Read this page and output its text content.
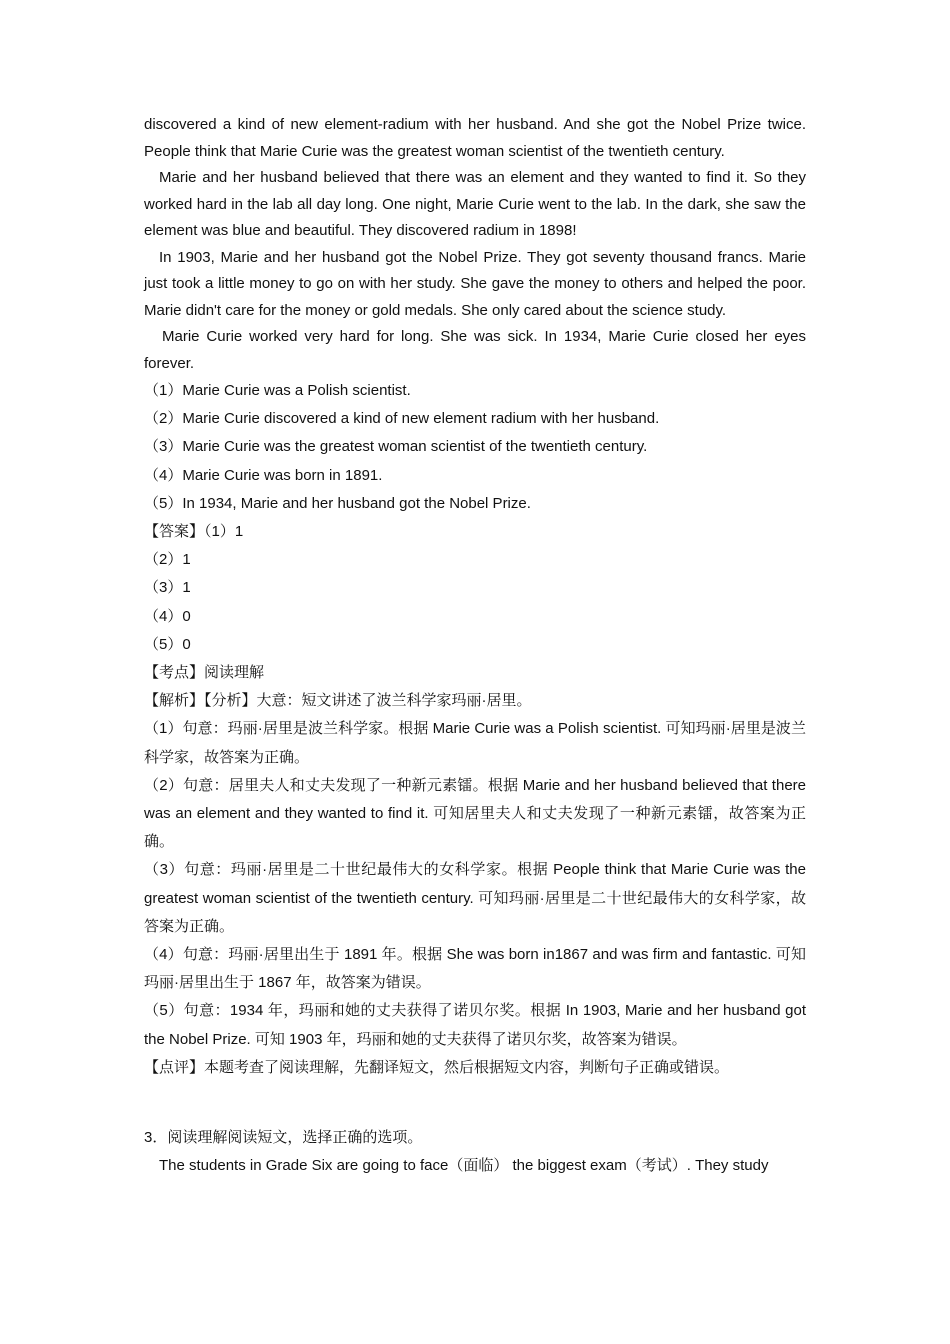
discovered a kind of new element-radium with her husband. And she got the Nobel Prize twice. People think that Marie Curie was the greatest woman scientist of the twentieth century.

Marie and her husband believed that there was an element and they wanted to find it. So they worked hard in the lab all day long. One night, Marie Curie went to the lab. In the dark, she saw the element was blue and beautiful. They discovered radium in 1898!

In 1903, Marie and her husband got the Nobel Prize. They got seventy thousand francs. Marie just took a little money to go on with her study. She gave the money to others and helped the poor. Marie didn't care for the money or gold medals. She only cared about the science study.

Marie Curie worked very hard for long. She was sick. In 1934, Marie Curie closed her eyes forever.

（1）Marie Curie was a Polish scientist.

（2）Marie Curie discovered a kind of new element radium with her husband.

（3）Marie Curie was the greatest woman scientist of the twentieth century.

（4）Marie Curie was born in 1891.

（5）In 1934, Marie and her husband got the Nobel Prize.

【答案】（1）1

（2）1

（3）1

（4）0

（5）0

【考点】阅读理解

【解析】【分析】大意：短文讲述了波兰科学家玛丽·居里。

（1）句意：玛丽·居里是波兰科学家。根据 Marie Curie was a Polish scientist. 可知玛丽·居里是波兰科学家，故答案为正确。

（2）句意：居里夫人和丈夫发现了一种新元素镭。根据 Marie and her husband believed that there was an element and they wanted to find it. 可知居里夫人和丈夫发现了一种新元素镭，故答案为正确。

（3）句意：玛丽·居里是二十世纪最伟大的女科学家。根据 People think that Marie Curie was the greatest woman scientist of the twentieth century. 可知玛丽·居里是二十世纪最伟大的女科学家，故答案为正确。

（4）句意：玛丽·居里出生于 1891 年。根据 She was born in1867 and was firm and fantastic. 可知玛丽·居里出生于 1867 年，故答案为错误。

（5）句意：1934 年，玛丽和她的丈夫获得了诺贝尔奖。根据 In 1903, Marie and her husband got the Nobel Prize. 可知 1903 年，玛丽和她的丈夫获得了诺贝尔奖，故答案为错误。

【点评】本题考查了阅读理解，先翻译短文，然后根据短文内容，判断句子正确或错误。

3．阅读理解阅读短文，选择正确的选项。

The students in Grade Six are going to face（面临） the biggest exam（考试）. They study
